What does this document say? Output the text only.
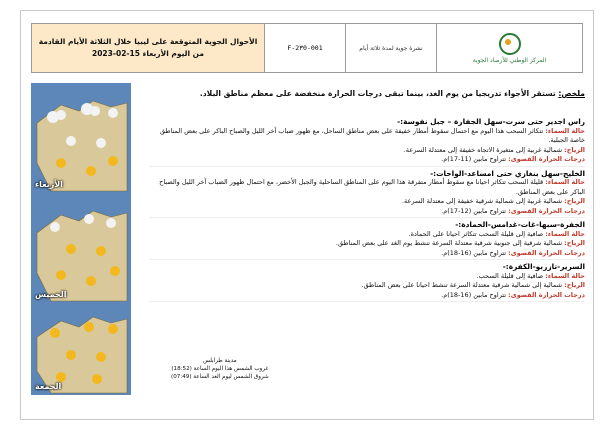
الأحوال الجوية المتوقعة على ليبيا خلال الثلاثة الأيام القادمة
من اليوم الأربعاء 15-02-2023
F-2٣0-001	نشرة جوية لمدة ثلاثة أيام
المركز الوطني للأرصاد الجوية
ملخص: تستقر الأجواء تدريجيا من يوم الغد، بينما تبقى درجات الحرارة منخفضة على معظم مناطق البلاد.
الأربعاء
الخميس
الجمعة
راس اجدير حتى سرت-سهل الجفارة – جبل نفوسة:-
حالة السماء: تتكاثر السحب هذا اليوم مع احتمال سقوط أمطار خفيفة على بعض مناطق الساحل، مع ظهور ضباب آخر الليل والصباح الباكر على بعض المناطق خاصة الجبلية.
الرياح: شمالية غربية إلى متغيرة الاتجاه خفيفة إلى معتدلة السرعة.
درجات الحرارة القصوى: تتراوح مابين (11-17)م.
الخليج-سهل بنغازي حتى امساعد-الواحات:-
حالة السماء: قليلة السحب تتكاثر احيانا مع سقوط أمطار متفرقة هذا اليوم على المناطق الساحلية والجبل الأخضر، مع احتمال ظهور الضباب آخر الليل والصباح الباكر على بعض المناطق.
الرياح: شمالية غربية إلى شمالية شرقية خفيفة إلى معتدلة السرعة.
درجات الحرارة القصوى: تتراوح مابين (12-17)م.
الجفرة-سبها-غات-غدامس-الحمادة:-
حالة السماء: صافية إلى قليلة السحب تتكاثر احيانا على الحمادة.
الرياح: شمالية شرقية إلى جنوبية شرقية معتدلة السرعة تنشط يوم الغد على بعض المناطق.
درجات الحرارة القصوى: تتراوح مابين (16-18)م.
السرير-تازربو-الكفرة:-
حالة السماء: صافية إلى قليلة السحب.
الرياح: شمالية إلى شمالية شرقية معتدلة السرعة تنشط احيانا على بعض المناطق.
درجات الحرارة القصوى: تتراوح مابين (16-18)م.
مدينة طرابلس
غروب الشمس هذا اليوم الساعة (18:52)
شروق الشمس ليوم الغد الساعة (07:49)
